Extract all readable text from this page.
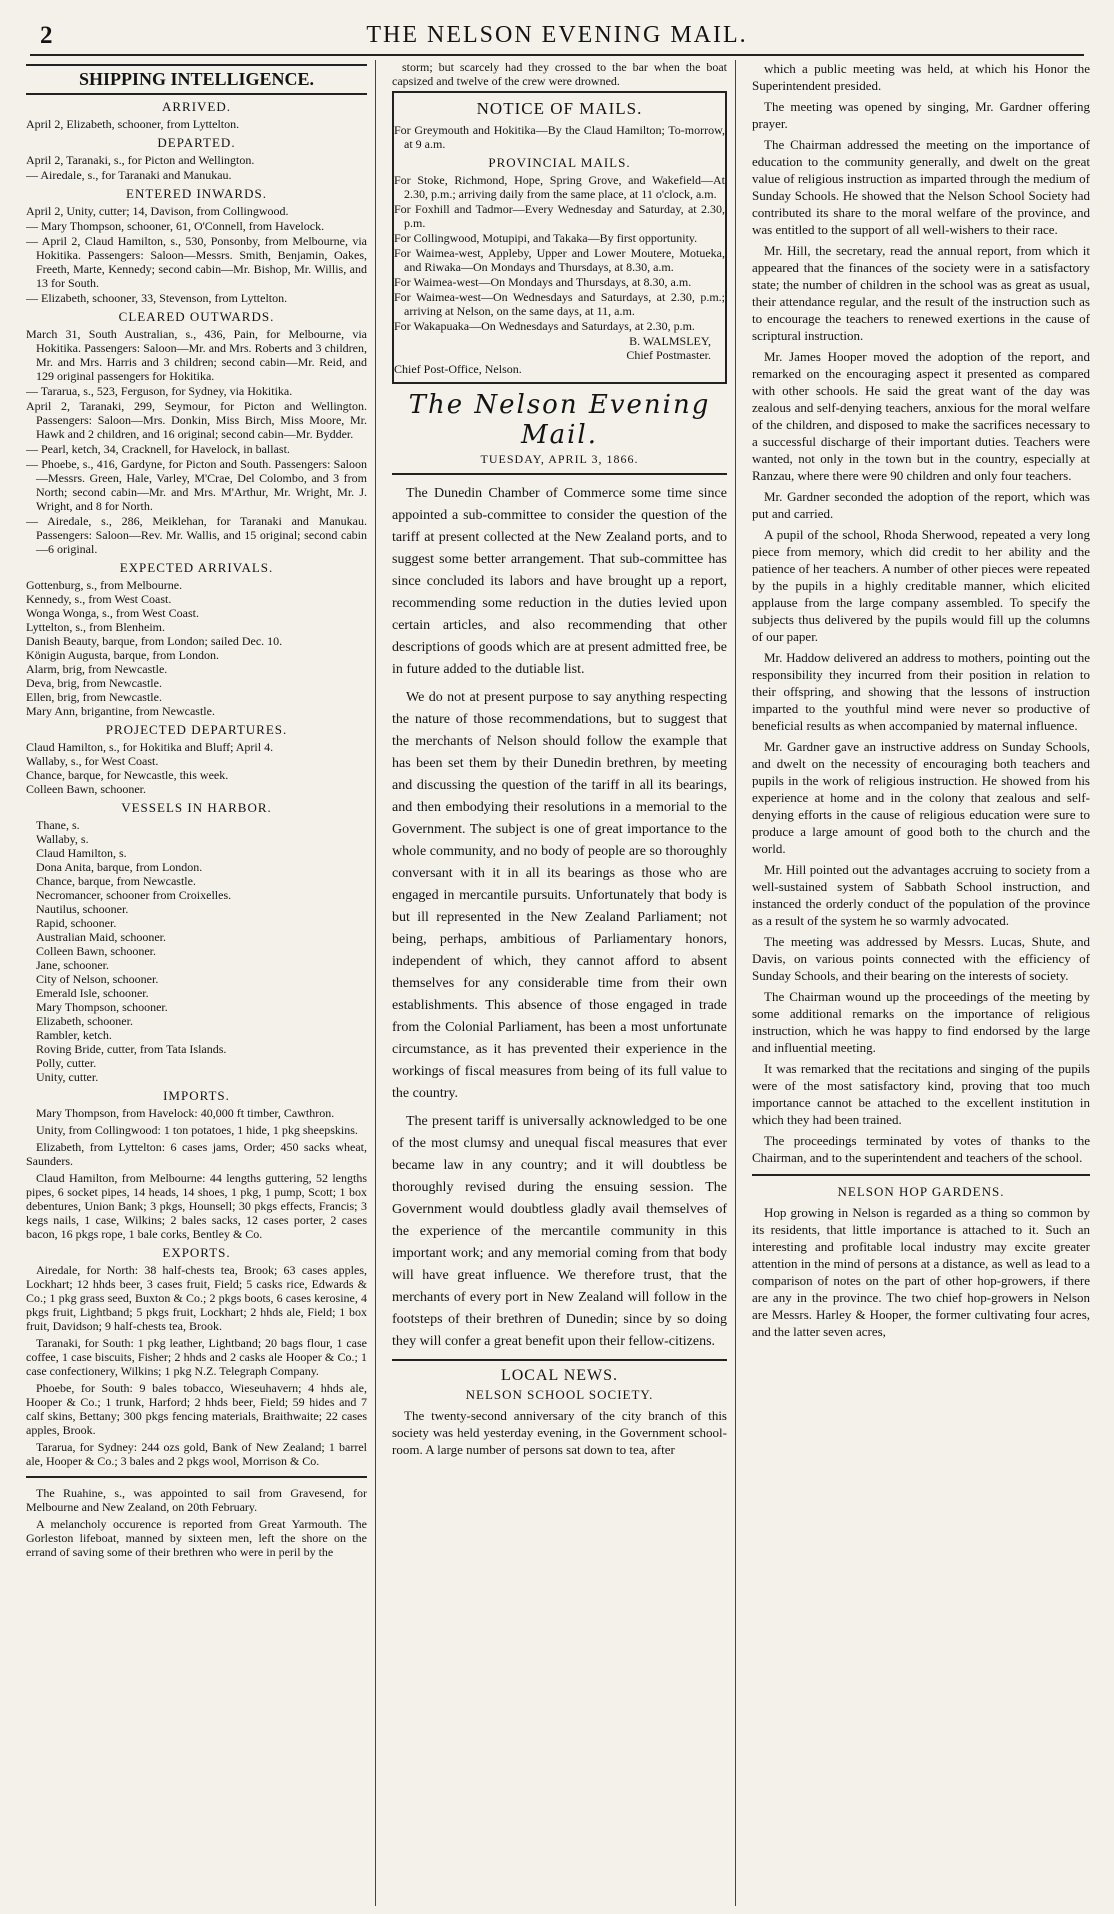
2	THE NELSON EVENING MAIL.
SHIPPING INTELLIGENCE.
ARRIVED.

April 2, Elizabeth, schooner, from Lyttelton.

DEPARTED.

April 2, Taranaki, s., for Picton and Wellington.

— Airedale, s., for Taranaki and Manukau.

ENTERED INWARDS.

April 2, Unity, cutter; 14, Davison, from Collingwood.

— Mary Thompson, schooner, 61, O'Connell, from Havelock.

— April 2, Claud Hamilton, s., 530, Ponsonby, from Melbourne, via Hokitika. Passengers: Saloon—Messrs. Smith, Benjamin, Oakes, Freeth, Marte, Kennedy; second cabin—Mr. Bishop, Mr. Willis, and 13 for South.

— Elizabeth, schooner, 33, Stevenson, from Lyttelton.

CLEARED OUTWARDS.

March 31, South Australian, s., 436, Pain, for Melbourne, via Hokitika. Passengers: Saloon—Mr. and Mrs. Roberts and 3 children, Mr. and Mrs. Harris and 3 children; second cabin—Mr. Reid, and 129 original passengers for Hokitika.

— Tararua, s., 523, Ferguson, for Sydney, via Hokitika.

April 2, Taranaki, 299, Seymour, for Picton and Wellington. Passengers: Saloon—Mrs. Donkin, Miss Birch, Miss Moore, Mr. Hawk and 2 children, and 16 original; second cabin—Mr. Bydder.

— Pearl, ketch, 34, Cracknell, for Havelock, in ballast.

— Phoebe, s., 416, Gardyne, for Picton and South. Passengers: Saloon—Messrs. Green, Hale, Varley, M'Crae, Del Colombo, and 3 from North; second cabin—Mr. and Mrs. M'Arthur, Mr. Wright, Mr. J. Wright, and 8 for North.

— Airedale, s., 286, Meiklehan, for Taranaki and Manukau. Passengers: Saloon—Rev. Mr. Wallis, and 15 original; second cabin—6 original.

EXPECTED ARRIVALS.

Gottenburg, s., from Melbourne.

Kennedy, s., from West Coast.

Wonga Wonga, s., from West Coast.

Lyttelton, s., from Blenheim.

Danish Beauty, barque, from London; sailed Dec. 10.

Königin Augusta, barque, from London.

Alarm, brig, from Newcastle.

Deva, brig, from Newcastle.

Ellen, brig, from Newcastle.

Mary Ann, brigantine, from Newcastle.

PROJECTED DEPARTURES.

Claud Hamilton, s., for Hokitika and Bluff; April 4.

Wallaby, s., for West Coast.

Chance, barque, for Newcastle, this week.

Colleen Bawn, schooner.

VESSELS IN HARBOR.

Thane, s.

Wallaby, s.

Claud Hamilton, s.

Dona Anita, barque, from London.

Chance, barque, from Newcastle.

Necromancer, schooner from Croixelles.

Nautilus, schooner.

Rapid, schooner.

Australian Maid, schooner.

Colleen Bawn, schooner.

Jane, schooner.

City of Nelson, schooner.

Emerald Isle, schooner.

Mary Thompson, schooner.

Elizabeth, schooner.

Rambler, ketch.

Roving Bride, cutter, from Tata Islands.

Polly, cutter.

Unity, cutter.

IMPORTS.

Mary Thompson, from Havelock: 40,000 ft timber, Cawthron.

Unity, from Collingwood: 1 ton potatoes, 1 hide, 1 pkg sheepskins.

Elizabeth, from Lyttelton: 6 cases jams, Order; 450 sacks wheat, Saunders.

Claud Hamilton, from Melbourne: 44 lengths guttering, 52 lengths pipes, 6 socket pipes, 14 heads, 14 shoes, 1 pkg, 1 pump, Scott; 1 box debentures, Union Bank; 3 pkgs, Hounsell; 30 pkgs effects, Francis; 3 kegs nails, 1 case, Wilkins; 2 bales sacks, 12 cases porter, 2 cases bacon, 16 pkgs rope, 1 bale corks, Bentley & Co.

EXPORTS.

Airedale, for North: 38 half-chests tea, Brook; 63 cases apples, Lockhart; 12 hhds beer, 3 cases fruit, Field; 5 casks rice, Edwards & Co.; 1 pkg grass seed, Buxton & Co.; 2 pkgs boots, 6 cases kerosine, 4 pkgs fruit, Lightband; 5 pkgs fruit, Lockhart; 2 hhds ale, Field; 1 box fruit, Davidson; 9 half-chests tea, Brook.

Taranaki, for South: 1 pkg leather, Lightband; 20 bags flour, 1 case coffee, 1 case biscuits, Fisher; 2 hhds and 2 casks ale Hooper & Co.; 1 case confectionery, Wilkins; 1 pkg N.Z. Telegraph Company.

Phoebe, for South: 9 bales tobacco, Wieseuhavern; 4 hhds ale, Hooper & Co.; 1 trunk, Harford; 2 hhds beer, Field; 59 hides and 7 calf skins, Bettany; 300 pkgs fencing materials, Braithwaite; 22 cases apples, Brook.

Tararua, for Sydney: 244 ozs gold, Bank of New Zealand; 1 barrel ale, Hooper & Co.; 3 bales and 2 pkgs wool, Morrison & Co.

The Ruahine, s., was appointed to sail from Gravesend, for Melbourne and New Zealand, on 20th February.

A melancholy occurence is reported from Great Yarmouth. The Gorleston lifeboat, manned by sixteen men, left the shore on the errand of saving some of their brethren who were in peril by the

storm; but scarcely had they crossed to the bar when the boat capsized and twelve of the crew were drowned.

NOTICE OF MAILS.

For Greymouth and Hokitika—By the Claud Hamilton; To-morrow, at 9 a.m.

PROVINCIAL MAILS.

For Stoke, Richmond, Hope, Spring Grove, and Wakefield—At 2.30, p.m.; arriving daily from the same place, at 11 o'clock, a.m.

For Foxhill and Tadmor—Every Wednesday and Saturday, at 2.30, p.m.

For Collingwood, Motupipi, and Takaka—By first opportunity.

For Waimea-west, Appleby, Upper and Lower Moutere, Motueka, and Riwaka—On Mondays and Thursdays, at 8.30, a.m.

For Waimea-west—On Mondays and Thursdays, at 8.30, a.m.

For Waimea-west—On Wednesdays and Saturdays, at 2.30, p.m.; arriving at Nelson, on the same days, at 11, a.m.

For Wakapuaka—On Wednesdays and Saturdays, at 2.30, p.m.

B. WALMSLEY,

Chief Postmaster.

Chief Post-Office, Nelson.

The Nelson Evening Mail.
TUESDAY, APRIL 3, 1866.

The Dunedin Chamber of Commerce some time since appointed a sub-committee to consider the question of the tariff at present collected at the New Zealand ports, and to suggest some better arrangement. That sub-committee has since concluded its labors and have brought up a report, recommending some reduction in the duties levied upon certain articles, and also recommending that other descriptions of goods which are at present admitted free, be in future added to the dutiable list.

We do not at present purpose to say anything respecting the nature of those recommendations, but to suggest that the merchants of Nelson should follow the example that has been set them by their Dunedin brethren, by meeting and discussing the question of the tariff in all its bearings, and then embodying their resolutions in a memorial to the Government. The subject is one of great importance to the whole community, and no body of people are so thoroughly conversant with it in all its bearings as those who are engaged in mercantile pursuits. Unfortunately that body is but ill represented in the New Zealand Parliament; not being, perhaps, ambitious of Parliamentary honors, independent of which, they cannot afford to absent themselves for any considerable time from their own establishments. This absence of those engaged in trade from the Colonial Parliament, has been a most unfortunate circumstance, as it has prevented their experience in the workings of fiscal measures from being of its full value to the country.

The present tariff is universally acknowledged to be one of the most clumsy and unequal fiscal measures that ever became law in any country; and it will doubtless be thoroughly revised during the ensuing session. The Government would doubtless gladly avail themselves of the experience of the mercantile community in this important work; and any memorial coming from that body will have great influence. We therefore trust, that the merchants of every port in New Zealand will follow in the footsteps of their brethren of Dunedin; since by so doing they will confer a great benefit upon their fellow-citizens.

LOCAL NEWS.
NELSON SCHOOL SOCIETY.

The twenty-second anniversary of the city branch of this society was held yesterday evening, in the Government school-room. A large number of persons sat down to tea, after

which a public meeting was held, at which his Honor the Superintendent presided.

The meeting was opened by singing, Mr. Gardner offering prayer.

The Chairman addressed the meeting on the importance of education to the community generally, and dwelt on the great value of religious instruction as imparted through the medium of Sunday Schools. He showed that the Nelson School Society had contributed its share to the moral welfare of the province, and was entitled to the support of all well-wishers to their race.

Mr. Hill, the secretary, read the annual report, from which it appeared that the finances of the society were in a satisfactory state; the number of children in the school was as great as usual, their attendance regular, and the result of the instruction such as to encourage the teachers to renewed exertions in the cause of scriptural instruction.

Mr. James Hooper moved the adoption of the report, and remarked on the encouraging aspect it presented as compared with other schools. He said the great want of the day was zealous and self-denying teachers, anxious for the moral welfare of the children, and disposed to make the sacrifices necessary to a successful discharge of their important duties. Teachers were wanted, not only in the town but in the country, especially at Ranzau, where there were 90 children and only four teachers.

Mr. Gardner seconded the adoption of the report, which was put and carried.

A pupil of the school, Rhoda Sherwood, repeated a very long piece from memory, which did credit to her ability and the patience of her teachers. A number of other pieces were repeated by the pupils in a highly creditable manner, which elicited applause from the large company assembled. To specify the subjects thus delivered by the pupils would fill up the columns of our paper.

Mr. Haddow delivered an address to mothers, pointing out the responsibility they incurred from their position in relation to their offspring, and showing that the lessons of instruction imparted to the youthful mind were never so productive of beneficial results as when accompanied by maternal influence.

Mr. Gardner gave an instructive address on Sunday Schools, and dwelt on the necessity of encouraging both teachers and pupils in the work of religious instruction. He showed from his experience at home and in the colony that zealous and self-denying efforts in the cause of religious education were sure to produce a large amount of good both to the church and the world.

Mr. Hill pointed out the advantages accruing to society from a well-sustained system of Sabbath School instruction, and instanced the orderly conduct of the population of the province as a result of the system he so warmly advocated.

The meeting was addressed by Messrs. Lucas, Shute, and Davis, on various points connected with the efficiency of Sunday Schools, and their bearing on the interests of society.

The Chairman wound up the proceedings of the meeting by some additional remarks on the importance of religious instruction, which he was happy to find endorsed by the large and influential meeting.

It was remarked that the recitations and singing of the pupils were of the most satisfactory kind, proving that too much importance cannot be attached to the excellent institution in which they had been trained.

The proceedings terminated by votes of thanks to the Chairman, and to the superintendent and teachers of the school.

NELSON HOP GARDENS.

Hop growing in Nelson is regarded as a thing so common by its residents, that little importance is attached to it. Such an interesting and profitable local industry may excite greater attention in the mind of persons at a distance, as well as lead to a comparison of notes on the part of other hop-growers, if there are any in the province. The two chief hop-growers in Nelson are Messrs. Harley & Hooper, the former cultivating four acres, and the latter seven acres,
